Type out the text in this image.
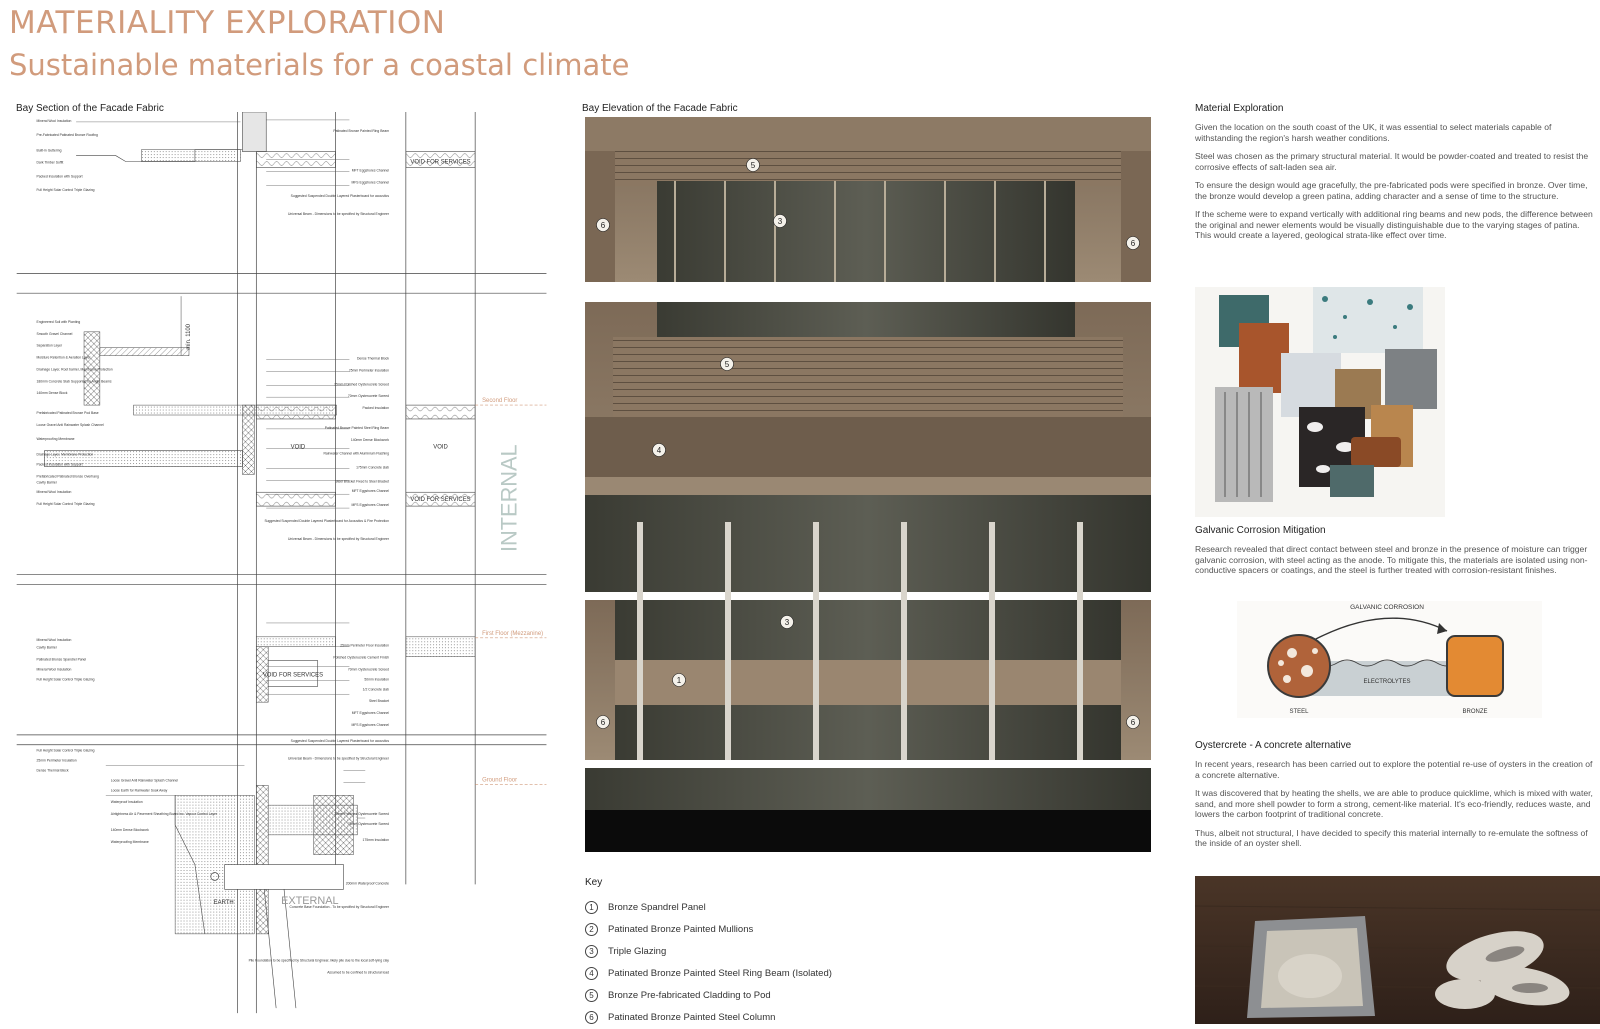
MATERIALITY EXPLORATION
Sustainable materials for a coastal climate
Bay Section of the Facade Fabric
VOID FOR SERVICES
VOID	VOID
VOID FOR SERVICES
VOID FOR SERVICES
INTERNAL
EXTERNAL
EARTH
Second Floor
First Floor (Mezzanine)
Ground Floor
min. 1100
Mineral Wool Insulation
Pre-Fabricated Patinated Bronze Roofing
Built-in Guttering
Dark Timber Soffit
Packed Insulation with Support
Full Height Solar Control Triple Glazing
Engineered Soil with Planting
Smooth Gravel Channel
Separation Layer
Moisture Retention & Aeration Layer
Drainage Layer, Root barrier, Membrane Protection
180mm Concrete Slab Supported by Angle Beams
140mm Dense Block
Prefabricated Patinated Bronze Pod Base
Loose Gravel Anti Rainwater Splash Channel
Waterproofing Membrane
Drainage Layer, Membrane Protection
Packed Insulation with Support
Prefabricated Patinated Bronze Overhang
Cavity Barrier
Mineral Wool Insulation
Full Height Solar Control Triple Glazing
Mineral Wool Insulation
Cavity Barrier
Patinated Bronze Spandrel Panel
Mineral Wool Insulation
Full Height Solar Control Triple Glazing
Full Height Solar Control Triple Glazing
25mm Perimeter Insulation
Dense Thermal Block
Loose Gravel Anti Rainwater Splash Channel
Loose Earth for Rainwater Soak Away
Waterproof Insulation
Airtightness Air & Pavement Sheathing Board inc. Vapour Control Layer
140mm Dense Blockwork
Waterproofing Membrane
Patinated Bronze Painted Ring Beam
MFT Eggshores Channel
MFS Eggshores Channel
Suggested Suspended Double Layered Plasterboard for acoustics
Universal Beam - Dimensions to be specified by Structural Engineer
Dense Thermal Block
25mm Perimeter Insulation
25mm Polished Oysterucrete Screed
70mm Oysterucrete Screed
Packed Insulation
Patinated Bronze Painted Steel Ring Beam
140mm Dense Blockwork
Rainwater Channel with Aluminium Flashing
175mm Concrete slab
Steel Bracket Fixed to Steel Bracket
MFT Eggshores Channel
MFS Eggshores Channel
Suggested Suspended Double Layered Plasterboard for Acoustics & Fire Protection
Universal Beam - Dimensions to be specified by Structural Engineer
25mm Perimeter Floor Insulation
Polished Oysterucrete Cement Finish
70mm Oysterucrete Screed
50mm Insulation
1/2 Concrete slab
Steel Bracket
MFT Eggshores Channel
MFS Eggshores Channel
Suggested Suspended Double Layered Plasterboard for acoustics
Universal Beam - Dimensions to be specified by Structural Engineer
25mm Polished Oysterucrete Screed
70mm Oysterucrete Screed
175mm Insulation
200mm Waterproof Concrete
Concrete Base Foundation - To be specified by Structural Engineer
Pile Foundation to be specified by Structural Engineer, likely pile due to the local soft-lying clay
Assumed to be confined to structural load
Bay Elevation of the Facade Fabric
5
3
6
6
5
4
3
1
6	6
Key
1	Bronze Spandrel Panel
2	Patinated Bronze Painted Mullions
3	Triple Glazing
4	Patinated Bronze Painted Steel Ring Beam (Isolated)
5	Bronze Pre-fabricated Cladding to Pod
6	Patinated Bronze Painted Steel Column
Material Exploration

Given the location on the south coast of the UK, it was essential to select materials capable of withstanding the region's harsh weather conditions.

Steel was chosen as the primary structural material. It would be powder-coated and treated to resist the corrosive effects of salt-laden sea air.

To ensure the design would age gracefully, the pre-fabricated pods were specified in bronze. Over time, the bronze would develop a green patina, adding character and a sense of time to the structure.

If the scheme were to expand vertically with additional ring beams and new pods, the difference between the original and newer elements would be visually distinguishable due to the varying stages of patina. This would create a layered, geological strata-like effect over time.

Galvanic Corrosion Mitigation

Research revealed that direct contact between steel and bronze in the presence of moisture can trigger galvanic corrosion, with steel acting as the anode. To mitigate this, the materials are isolated using non-conductive spacers or coatings, and the steel is further treated with corrosion-resistant finishes.

GALVANIC CORROSION
ELECTROLYTES
STEEL	BRONZE
Oystercrete - A concrete alternative

In recent years, research has been carried out to explore the potential re-use of oysters in the creation of a concrete alternative.

It was discovered that by heating the shells, we are able to produce quicklime, which is mixed with water, sand, and more shell powder to form a strong, cement-like material. It's eco-friendly, reduces waste, and lowers the carbon footprint of traditional concrete.

Thus, albeit not structural, I have decided to specify this material internally to re-emulate the softness of the inside of an oyster shell.
